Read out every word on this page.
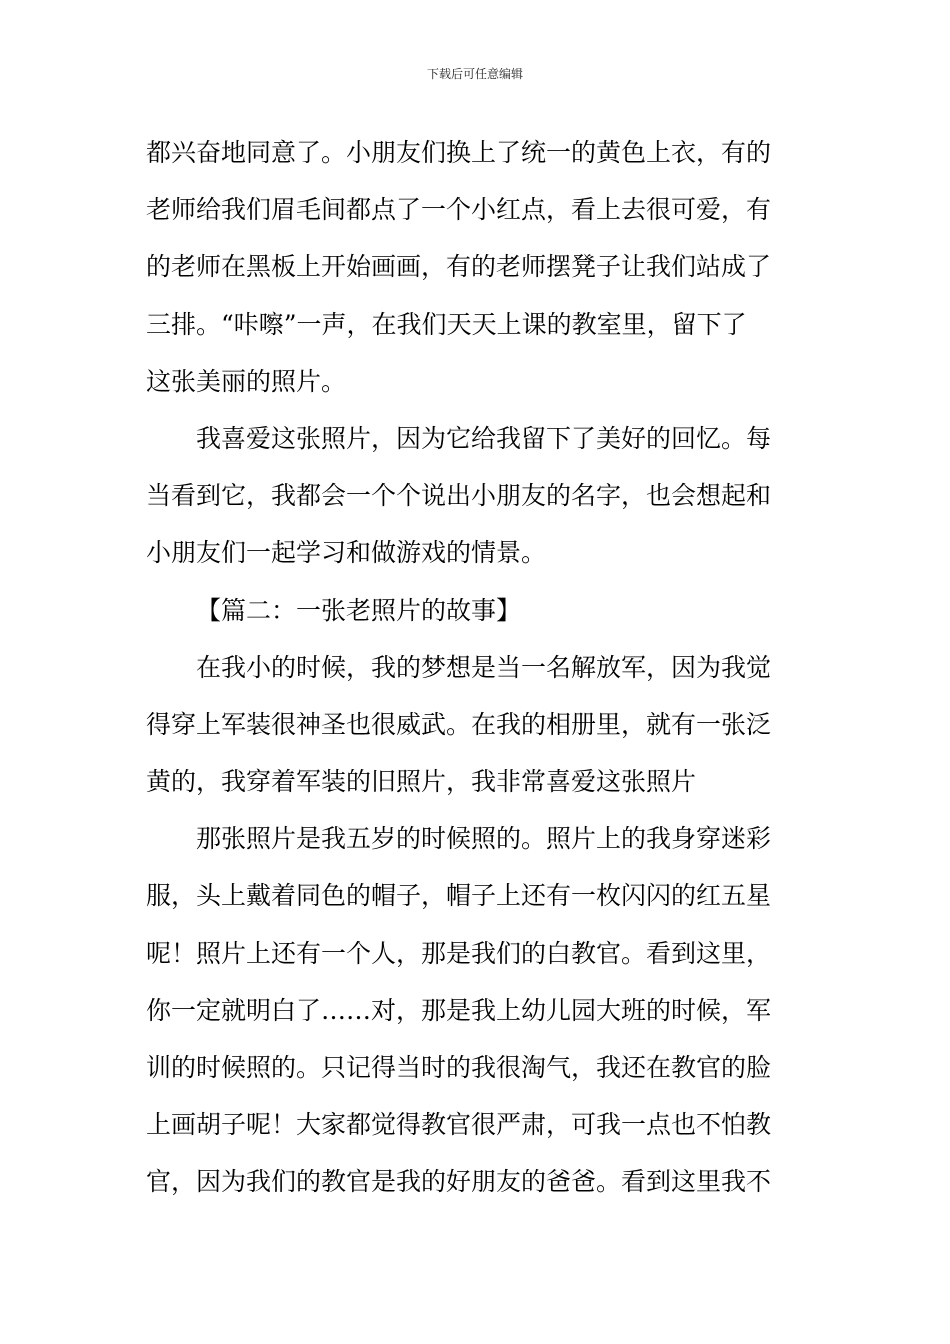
下载后可任意编辑
都兴奋地同意了。小朋友们换上了统一的黄色上衣，有的
老师给我们眉毛间都点了一个小红点，看上去很可爱，有
的老师在黑板上开始画画，有的老师摆凳子让我们站成了
三排。“咔嚓”一声，在我们天天上课的教室里，留下了
这张美丽的照片。
我喜爱这张照片，因为它给我留下了美好的回忆。每
当看到它，我都会一个个说出小朋友的名字，也会想起和
小朋友们一起学习和做游戏的情景。
【篇二：一张老照片的故事】
在我小的时候，我的梦想是当一名解放军，因为我觉
得穿上军装很神圣也很威武。在我的相册里，就有一张泛
黄的，我穿着军装的旧照片，我非常喜爱这张照片
那张照片是我五岁的时候照的。照片上的我身穿迷彩
服，头上戴着同色的帽子，帽子上还有一枚闪闪的红五星
呢！照片上还有一个人，那是我们的白教官。看到这里，
你一定就明白了……对，那是我上幼儿园大班的时候，军
训的时候照的。只记得当时的我很淘气，我还在教官的脸
上画胡子呢！大家都觉得教官很严肃，可我一点也不怕教
官，因为我们的教官是我的好朋友的爸爸。看到这里我不
